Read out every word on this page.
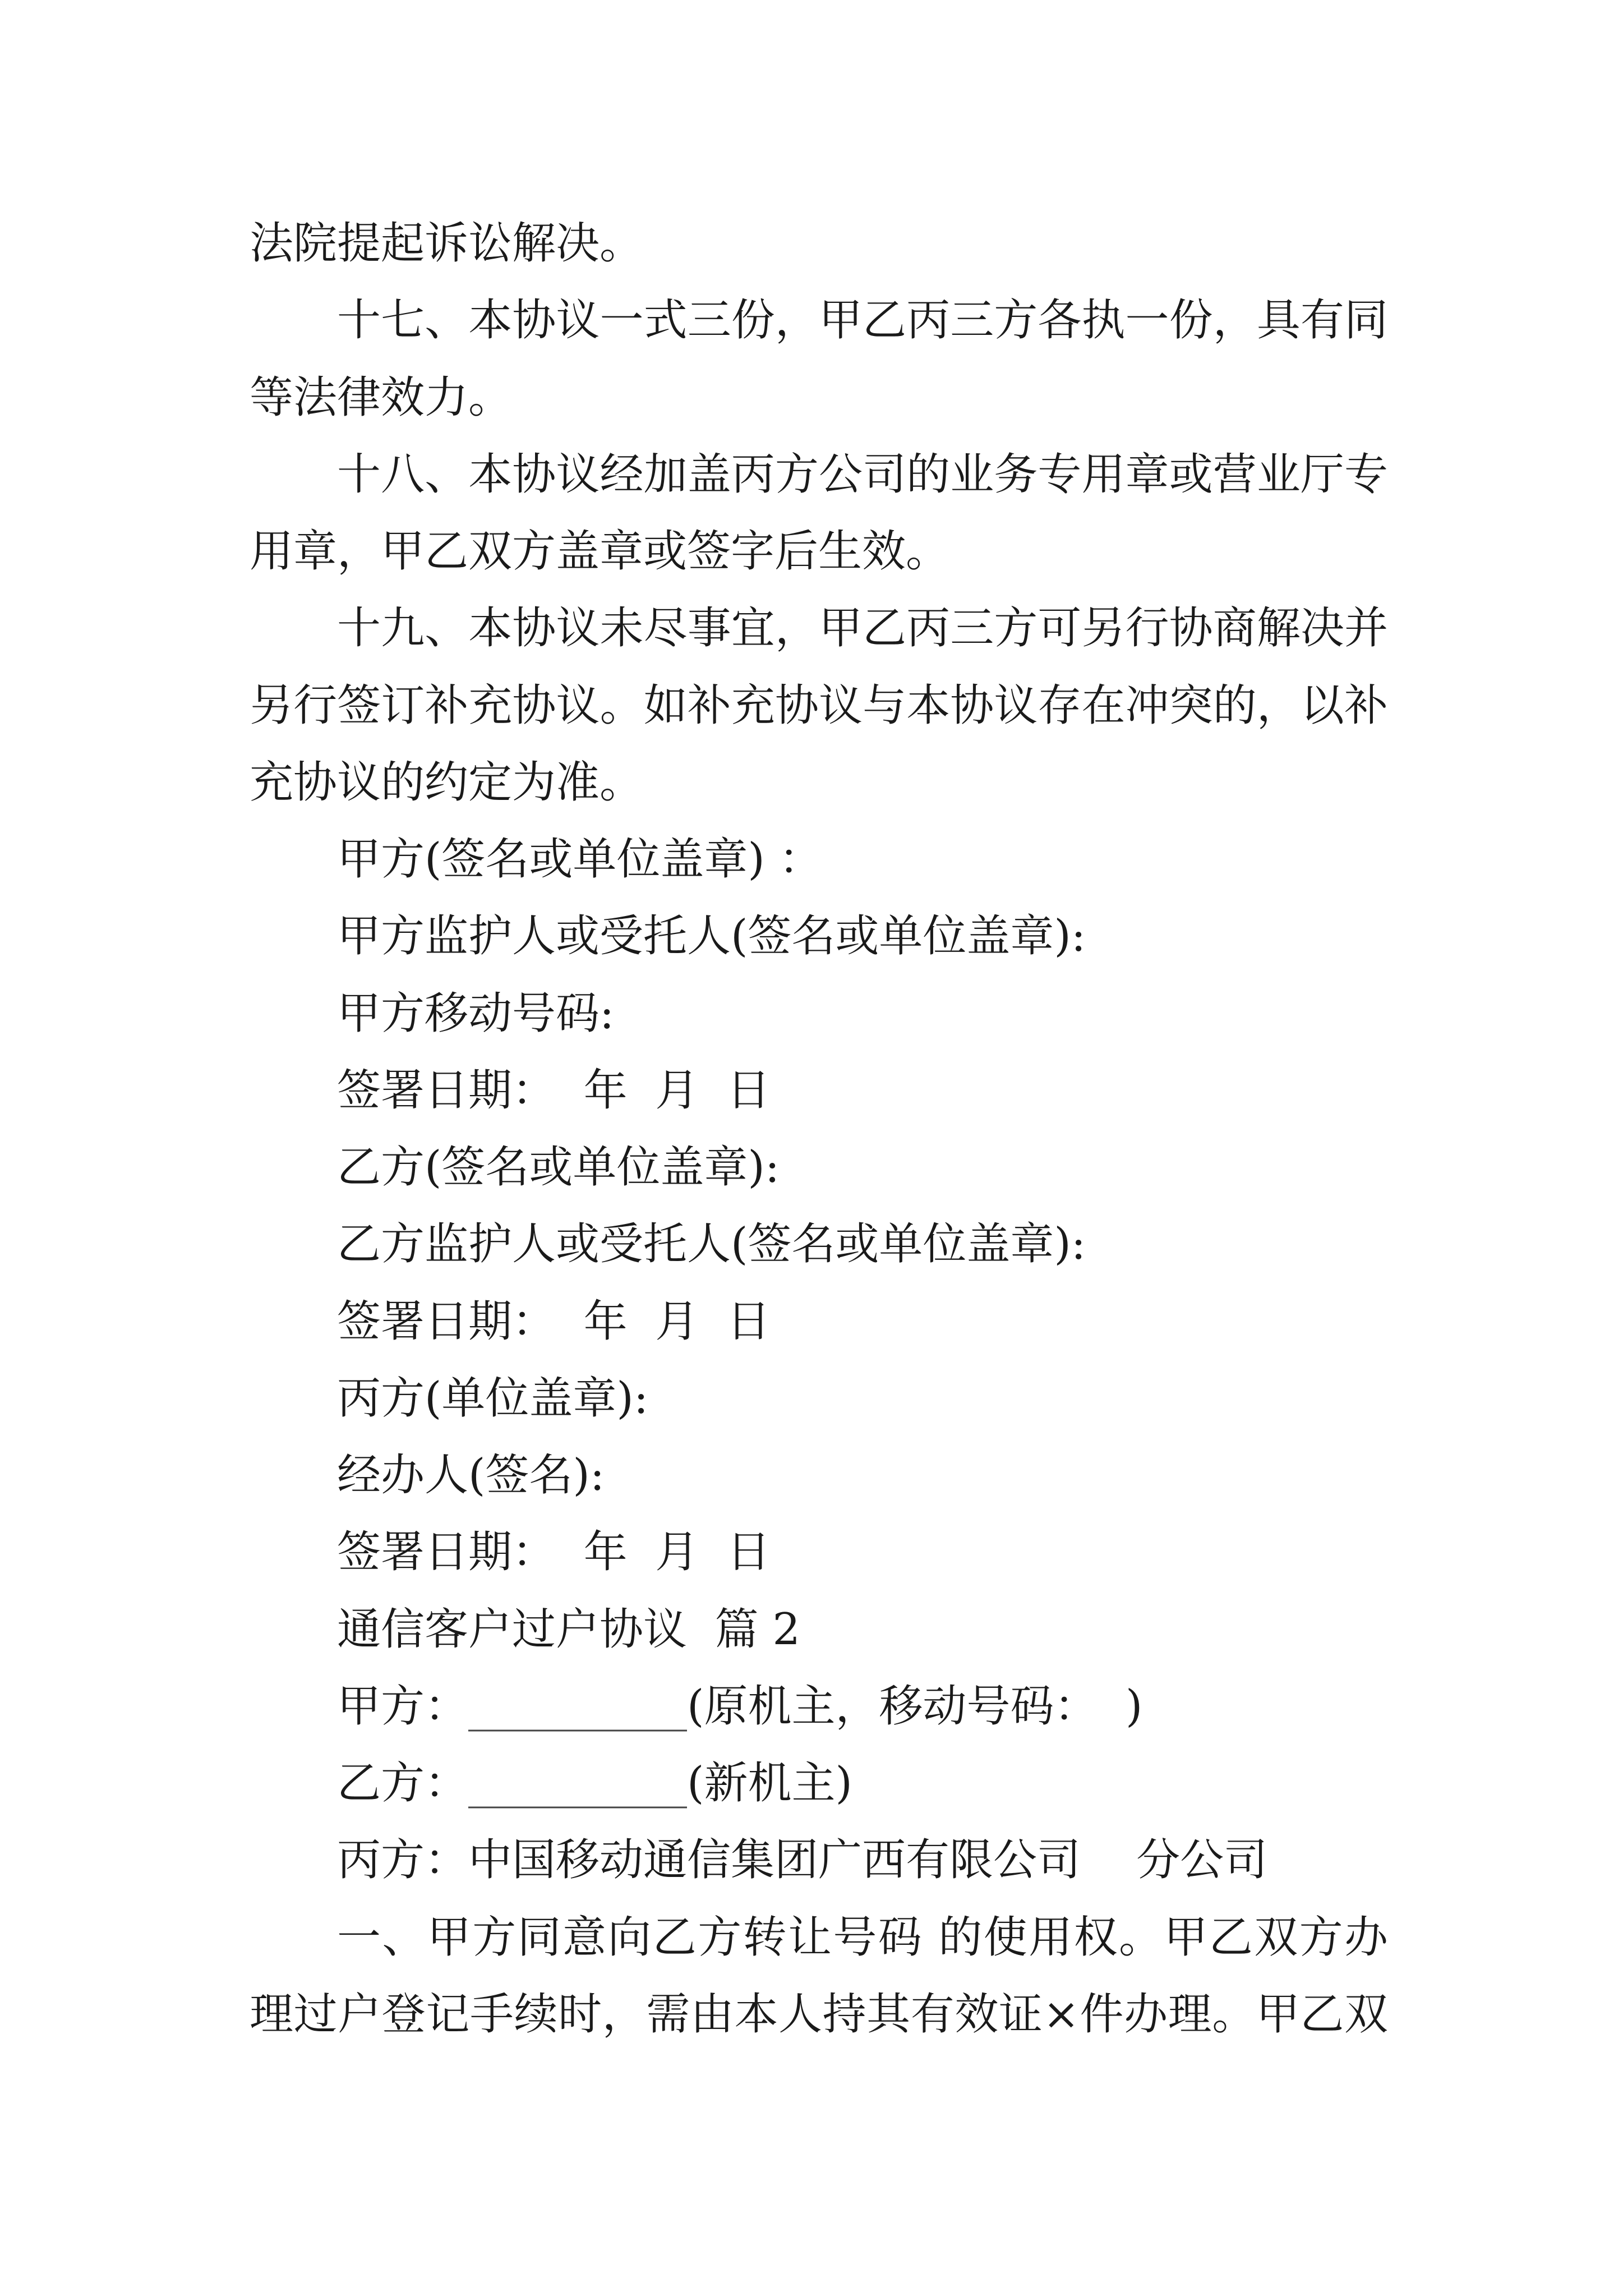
法院提起诉讼解决。
十七、本协议一式三份，甲乙丙三方各执一份，具有同
等法律效力。
十八、本协议经加盖丙方公司的业务专用章或营业厅专
用章，甲乙双方盖章或签字后生效。
十九、本协议未尽事宜，甲乙丙三方可另行协商解决并
另行签订补充协议。如补充协议与本协议存在冲突的，以补
充协议的约定为准。
甲方(签名或单位盖章) ：
甲方监护人或受托人(签名或单位盖章):
甲方移动号码:
签署日期：  年  月  日
乙方(签名或单位盖章):
乙方监护人或受托人(签名或单位盖章):
签署日期：  年  月  日
丙方(单位盖章):
经办人(签名):
签署日期：  年  月  日
通信客户过户协议  篇 2
甲方：__________(原机主，移动号码：  )
乙方：__________(新机主)
丙方：中国移动通信集团广西有限公司    分公司
一、甲方同意向乙方转让号码 的使用权。甲乙双方办
理过户登记手续时，需由本人持其有效证×件办理。甲乙双
